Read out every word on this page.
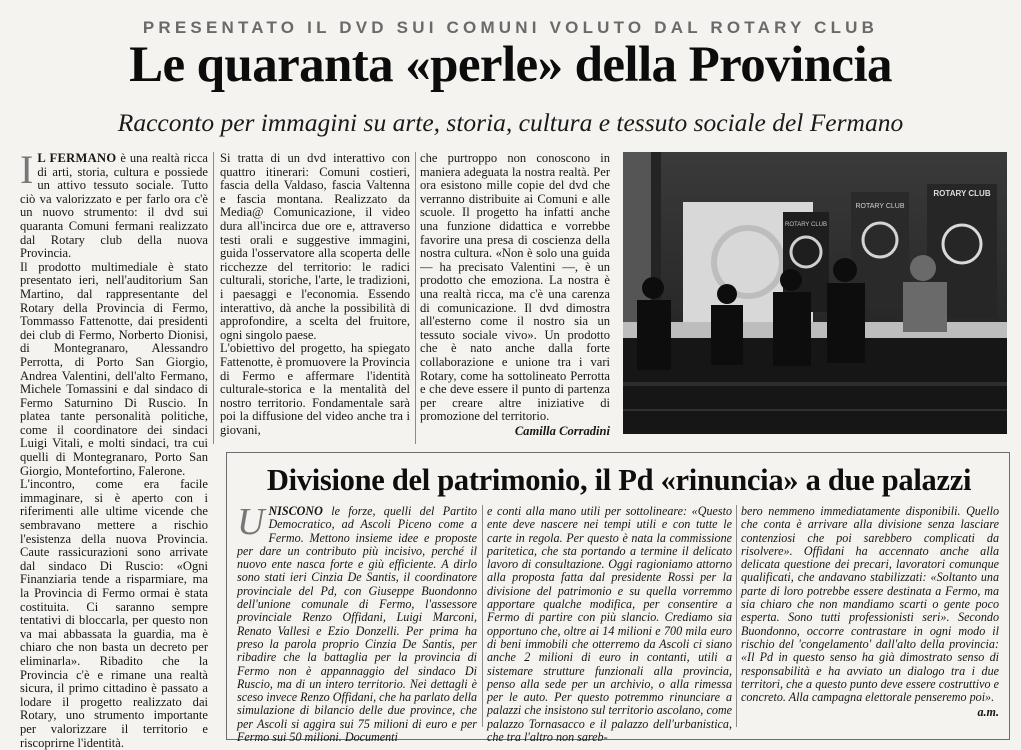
PRESENTATO IL DVD SUI COMUNI VOLUTO DAL ROTARY CLUB
Le quaranta «perle» della Provincia
Racconto per immagini su arte, storia, cultura e tessuto sociale del Fermano

I L FERMANO è una realtà ricca di arti, storia, cultura e possiede un attivo tessuto sociale. Tutto ciò va valorizzato e per farlo ora c'è un nuovo strumento: il dvd sui quaranta Comuni fermani realizzato dal Rotary club della nuova Provincia.

Il prodotto multimediale è stato presentato ieri, nell'auditorium San Martino, dal rappresentante del Rotary della Provincia di Fermo, Tommasso Fattenotte, dai presidenti dei club di Fermo, Norberto Dionisi, di Montegranaro, Alessandro Perrotta, di Porto San Giorgio, Andrea Valentini, dell'alto Fermano, Michele Tomassini e dal sindaco di Fermo Saturnino Di Ruscio. In platea tante personalità politiche, come il coordinatore dei sindaci Luigi Vitali, e molti sindaci, tra cui quelli di Montegranaro, Porto San Giorgio, Montefortino, Falerone.

L'incontro, come era facile immaginare, si è aperto con i riferimenti alle ultime vicende che sembravano mettere a rischio l'esistenza della nuova Provincia. Caute rassicurazioni sono arrivate dal sindaco Di Ruscio: «Ogni Finanziaria tende a risparmiare, ma la Provincia di Fermo ormai è stata costituita. Ci saranno sempre tentativi di bloccarla, per questo non va mai abbassata la guardia, ma è chiaro che non basta un decreto per eliminarla». Ribadito che la Provincia c'è e rimane una realtà sicura, il primo cittadino è passato a lodare il progetto realizzato dai Rotary, uno strumento importante per valorizzare il territorio e riscoprirne l'identità.

Si tratta di un dvd interattivo con quattro itinerari: Comuni costieri, fascia della Valdaso, fascia Valtenna e fascia montana. Realizzato da Media@ Comunicazione, il video dura all'incirca due ore e, attraverso testi orali e suggestive immagini, guida l'osservatore alla scoperta delle ricchezze del territorio: le radici culturali, storiche, l'arte, le tradizioni, i paesaggi e l'economia. Essendo interattivo, dà anche la possibilità di approfondire, a scelta del fruitore, ogni singolo paese.

L'obiettivo del progetto, ha spiegato Fattenotte, è promuovere la Provincia di Fermo e affermare l'identità culturale-storica e la mentalità del nostro territorio. Fondamentale sarà poi la diffusione del video anche tra i giovani,

che purtroppo non conoscono in maniera adeguata la nostra realtà. Per ora esistono mille copie del dvd che verranno distribuite ai Comuni e alle scuole. Il progetto ha infatti anche una funzione didattica e vorrebbe favorire una presa di coscienza della nostra cultura. «Non è solo una guida — ha precisato Valentini —, è un prodotto che emoziona. La nostra è una realtà ricca, ma c'è una carenza di comunicazione. Il dvd dimostra all'esterno come il nostro sia un tessuto sociale vivo». Un prodotto che è nato anche dalla forte collaborazione e unione tra i vari Rotary, come ha sottolineato Perrotta e che deve essere il punto di partenza per creare altre iniziative di promozione del territorio.

Camilla Corradini
ROTARY CLUB
ROTARY CLUB
ROTARY CLUB
Divisione del patrimonio, il Pd «rinuncia» a due palazzi

UNISCONO le forze, quelli del Partito Democratico, ad Ascoli Piceno come a Fermo. Mettono insieme idee e proposte per dare un contributo più incisivo, perché il nuovo ente nasca forte e giù efficiente. A dirlo sono stati ieri Cinzia De Santis, il coordinatore provinciale del Pd, con Giuseppe Buondonno dell'unione comunale di Fermo, l'assessore provinciale Renzo Offidani, Luigi Marconi, Renato Vallesi e Ezio Donzelli. Per prima ha preso la parola proprio Cinzia De Santis, per ribadire che la battaglia per la provincia di Fermo non è appannaggio del sindaco Di Ruscio, ma di un intero territorio. Nei dettagli è sceso invece Renzo Offidani, che ha parlato della simulazione di bilancio delle due province, che per Ascoli si aggira sui 75 milioni di euro e per Fermo sui 50 milioni. Documenti

e conti alla mano utili per sottolineare: «Questo ente deve nascere nei tempi utili e con tutte le carte in regola. Per questo è nata la commissione paritetica, che sta portando a termine il delicato lavoro di consultazione. Oggi ragioniamo attorno alla proposta fatta dal presidente Rossi per la divisione del patrimonio e su quella vorremmo apportare qualche modifica, per consentire a Fermo di partire con più slancio. Crediamo sia opportuno che, oltre ai 14 milioni e 700 mila euro di beni immobili che otterremo da Ascoli ci siano anche 2 milioni di euro in contanti, utili a sistemare strutture funzionali alla provincia, penso alla sede per un archivio, o alla rimessa per le auto. Per questo potremmo rinunciare a palazzi che insistono sul territorio ascolano, come palazzo Tornasacco e il palazzo dell'urbanistica, che tra l'altro non sareb-

bero nemmeno immediatamente disponibili. Quello che conta è arrivare alla divisione senza lasciare contenziosi che poi sarebbero complicati da risolvere». Offidani ha accennato anche alla delicata questione dei precari, lavoratori comunque qualificati, che andavano stabilizzati: «Soltanto una parte di loro potrebbe essere destinata a Fermo, ma sia chiaro che non mandiamo scarti o gente poco esperta. Sono tutti professionisti seri». Secondo Buondonno, occorre contrastare in ogni modo il rischio del 'congelamento' dall'alto della provincia: «Il Pd in questo senso ha già dimostrato senso di responsabilità e ha avviato un dialogo tra i due territori, che a questo punto deve essere costruttivo e concreto. Alla campagna elettorale penseremo poi».

a.m.
